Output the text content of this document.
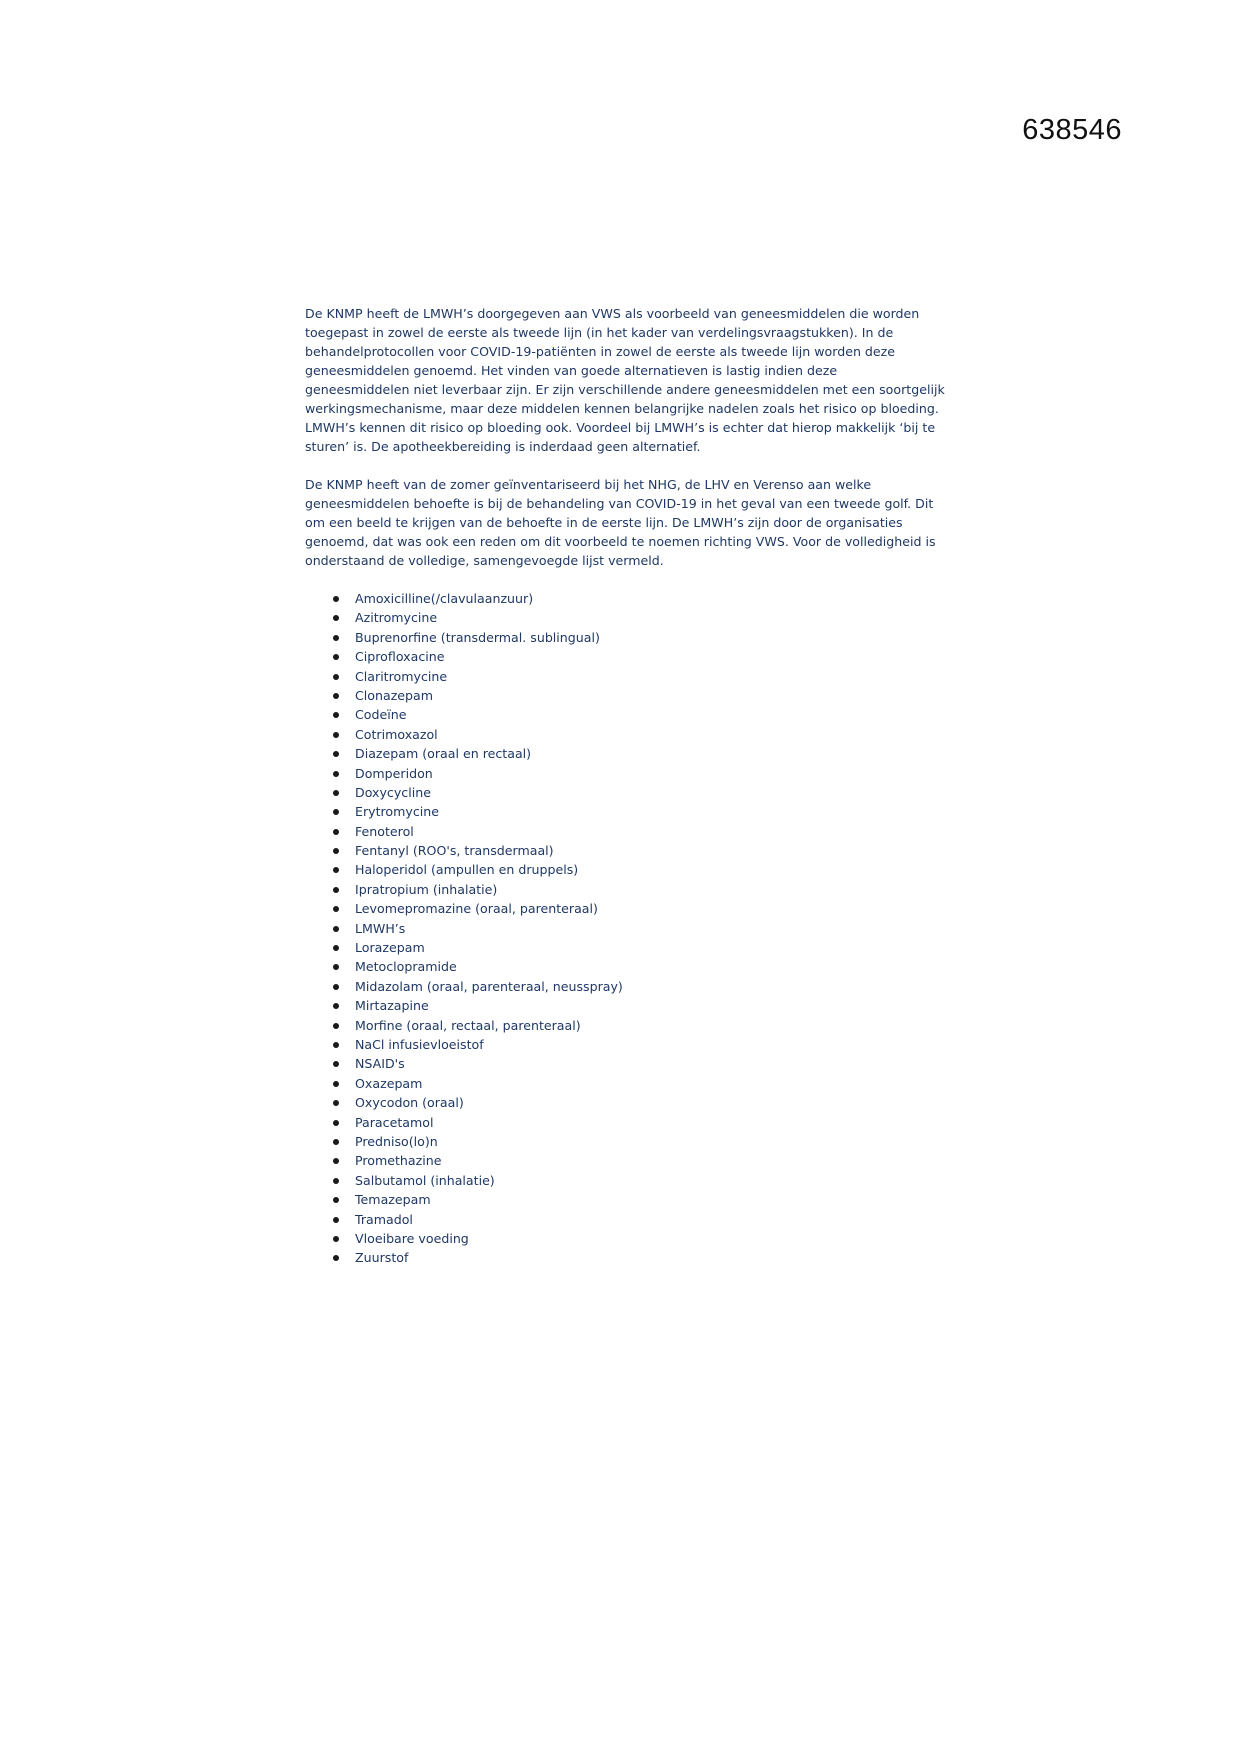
638546

De KNMP heeft de LMWH’s doorgegeven aan VWS als voorbeeld van geneesmiddelen die worden toegepast in zowel de eerste als tweede lijn (in het kader van verdelingsvraagstukken). In de behandelprotocollen voor COVID-19-patiënten in zowel de eerste als tweede lijn worden deze geneesmiddelen genoemd. Het vinden van goede alternatieven is lastig indien deze geneesmiddelen niet leverbaar zijn. Er zijn verschillende andere geneesmiddelen met een soortgelijk werkingsmechanisme, maar deze middelen kennen belangrijke nadelen zoals het risico op bloeding. LMWH’s kennen dit risico op bloeding ook. Voordeel bij LMWH’s is echter dat hierop makkelijk ‘bij te sturen’ is. De apotheekbereiding is inderdaad geen alternatief.

De KNMP heeft van de zomer geïnventariseerd bij het NHG, de LHV en Verenso aan welke geneesmiddelen behoefte is bij de behandeling van COVID-19 in het geval van een tweede golf. Dit om een beeld te krijgen van de behoefte in de eerste lijn. De LMWH’s zijn door de organisaties genoemd, dat was ook een reden om dit voorbeeld te noemen richting VWS. Voor de volledigheid is onderstaand de volledige, samengevoegde lijst vermeld.

Amoxicilline(/clavulaanzuur)
Azitromycine
Buprenorfine (transdermal. sublingual)
Ciprofloxacine
Claritromycine
Clonazepam
Codeïne
Cotrimoxazol
Diazepam (oraal en rectaal)
Domperidon
Doxycycline
Erytromycine
Fenoterol
Fentanyl (ROO's, transdermaal)
Haloperidol (ampullen en druppels)
Ipratropium (inhalatie)
Levomepromazine (oraal, parenteraal)
LMWH’s
Lorazepam
Metoclopramide
Midazolam (oraal, parenteraal, neusspray)
Mirtazapine
Morfine (oraal, rectaal, parenteraal)
NaCl infusievloeistof
NSAID's
Oxazepam
Oxycodon (oraal)
Paracetamol
Predniso(lo)n
Promethazine
Salbutamol (inhalatie)
Temazepam
Tramadol
Vloeibare voeding
Zuurstof
